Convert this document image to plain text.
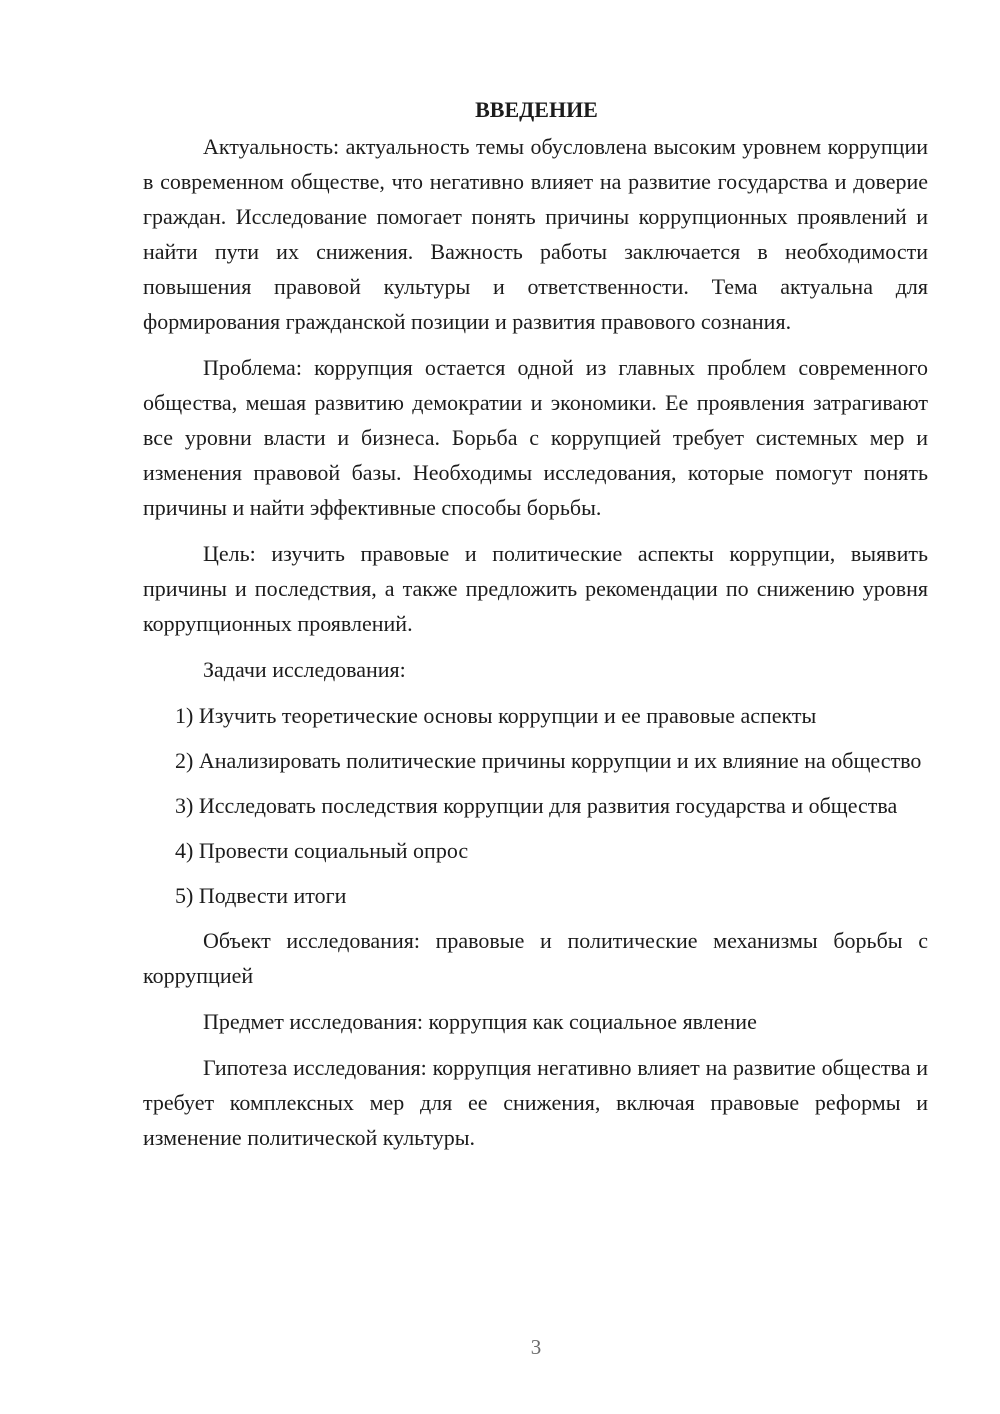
ВВЕДЕНИЕ

Актуальность: актуальность темы обусловлена высоким уровнем коррупции в современном обществе, что негативно влияет на развитие государства и доверие граждан. Исследование помогает понять причины коррупционных проявлений и найти пути их снижения. Важность работы заключается в необходимости повышения правовой культуры и ответственности. Тема актуальна для формирования гражданской позиции и развития правового сознания.

Проблема: коррупция остается одной из главных проблем современного общества, мешая развитию демократии и экономики. Ее проявления затрагивают все уровни власти и бизнеса. Борьба с коррупцией требует системных мер и изменения правовой базы. Необходимы исследования, которые помогут понять причины и найти эффективные способы борьбы.

Цель: изучить правовые и политические аспекты коррупции, выявить причины и последствия, а также предложить рекомендации по снижению уровня коррупционных проявлений.

Задачи исследования:

1) Изучить теоретические основы коррупции и ее правовые аспекты

2) Анализировать политические причины коррупции и их влияние на общество

3) Исследовать последствия коррупции для развития государства и общества

4) Провести социальный опрос

5) Подвести итоги

Объект исследования: правовые и политические механизмы борьбы с коррупцией

Предмет исследования: коррупция как социальное явление

Гипотеза исследования: коррупция негативно влияет на развитие общества и требует комплексных мер для ее снижения, включая правовые реформы и изменение политической культуры.

3
